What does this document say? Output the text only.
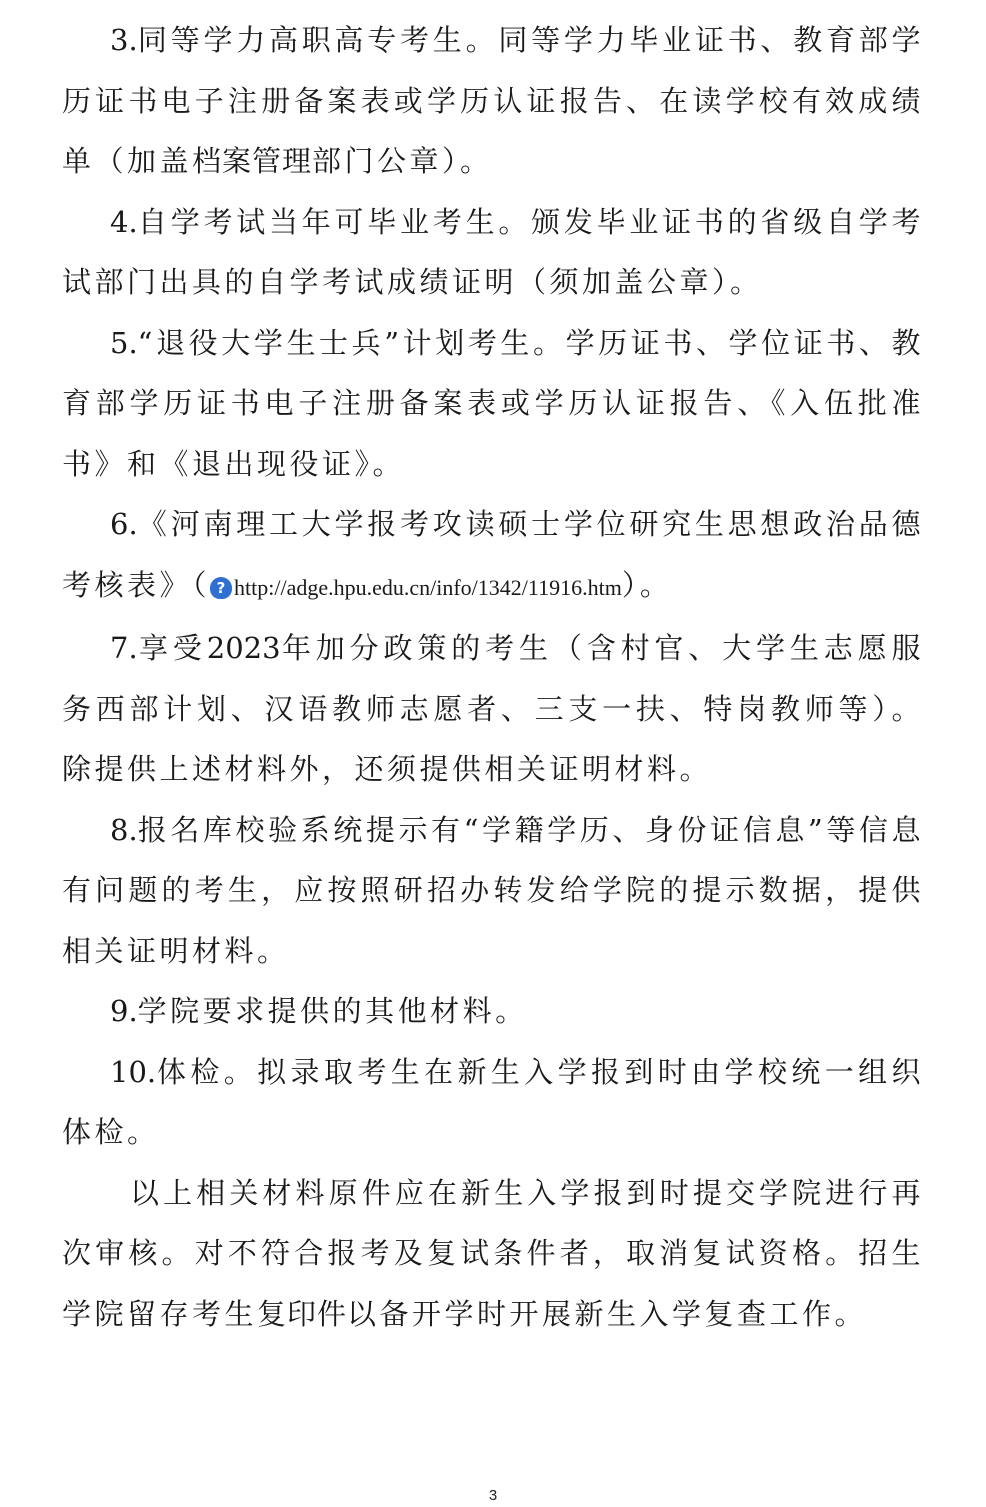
3.同等学力高职高专考生。同等学力毕业证书、教育部学历证书电子注册备案表或学历认证报告、在读学校有效成绩单（加盖档案管理部门公章）。

4.自学考试当年可毕业考生。颁发毕业证书的省级自学考试部门出具的自学考试成绩证明（须加盖公章）。

5.“退役大学生士兵”计划考生。学历证书、学位证书、教育部学历证书电子注册备案表或学历认证报告、《入伍批准书》和《退出现役证》。

6.《河南理工大学报考攻读硕士学位研究生思想政治品德考核表》（ ? http://adge.hpu.edu.cn/info/1342/11916.htm）。

7.享受2023年加分政策的考生（含村官、大学生志愿服务西部计划、汉语教师志愿者、三支一扶、特岗教师等）。除提供上述材料外，还须提供相关证明材料。

8.报名库校验系统提示有“学籍学历、身份证信息”等信息有问题的考生，应按照研招办转发给学院的提示数据，提供相关证明材料。

9.学院要求提供的其他材料。

10.体检。拟录取考生在新生入学报到时由学校统一组织体检。

以上相关材料原件应在新生入学报到时提交学院进行再次审核。对不符合报考及复试条件者，取消复试资格。招生学院留存考生复印件以备开学时开展新生入学复查工作。

3
